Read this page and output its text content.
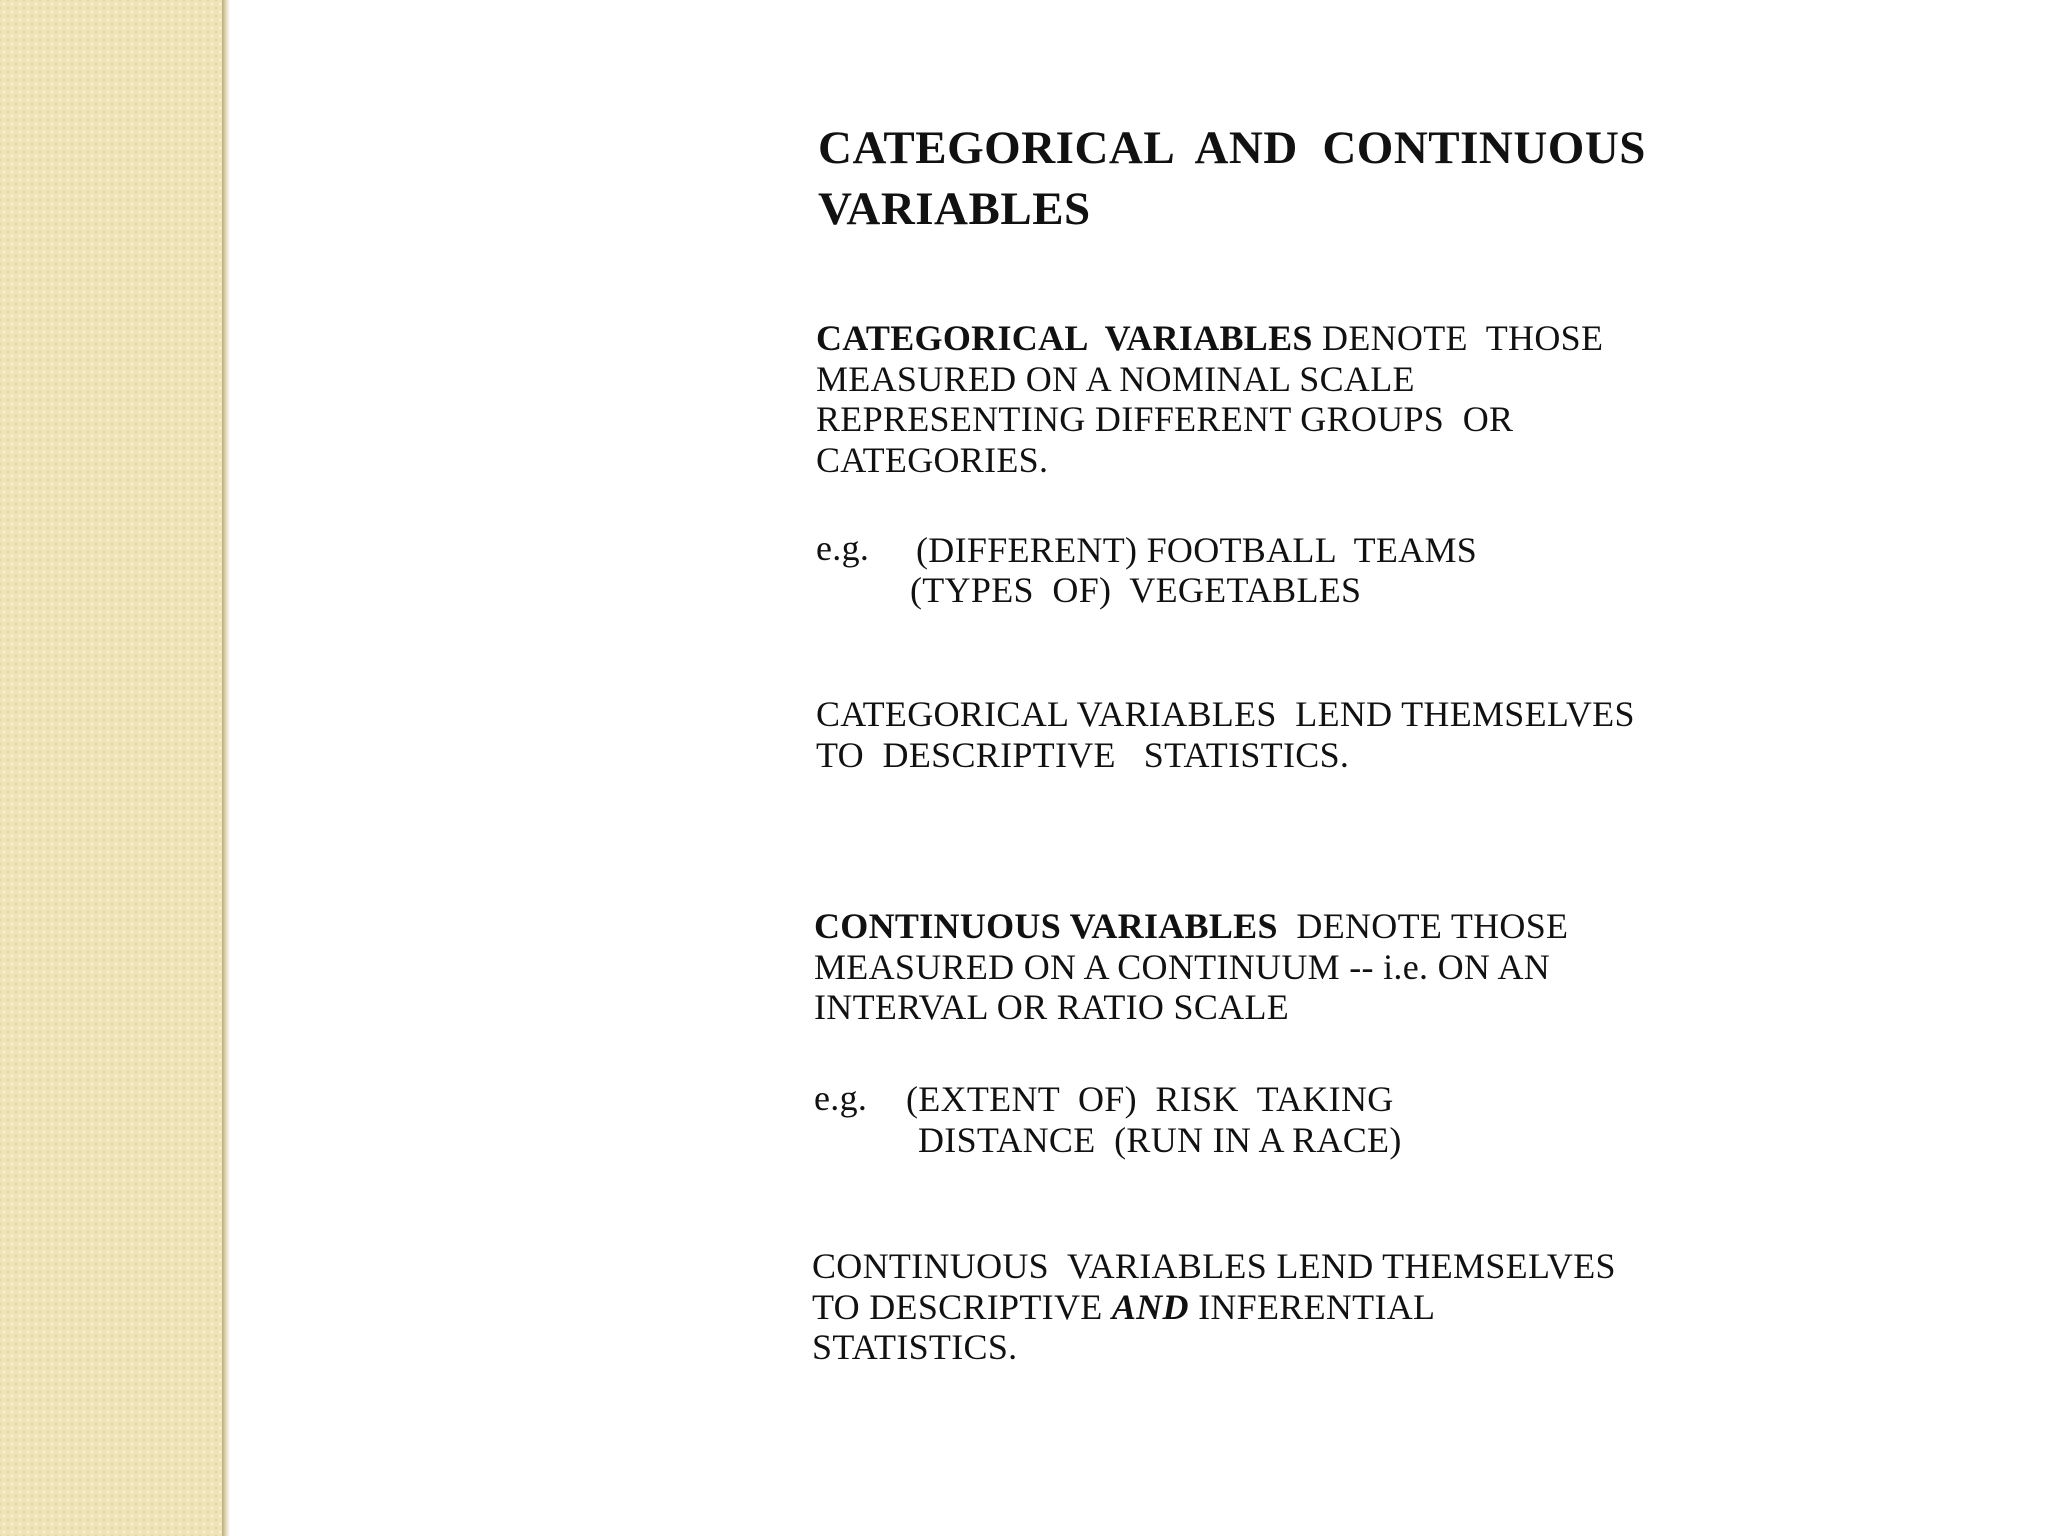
CATEGORICAL  AND  CONTINUOUS
VARIABLES
CATEGORICAL  VARIABLES DENOTE  THOSE
MEASURED ON A NOMINAL SCALE
REPRESENTING DIFFERENT GROUPS  OR
CATEGORIES.
e.g. (DIFFERENT) FOOTBALL  TEAMS
(TYPES  OF)  VEGETABLES
CATEGORICAL VARIABLES  LEND THEMSELVES
TO  DESCRIPTIVE   STATISTICS.
CONTINUOUS VARIABLES  DENOTE THOSE
MEASURED ON A CONTINUUM -- i.e. ON AN
INTERVAL OR RATIO SCALE
e.g. (EXTENT  OF)  RISK  TAKING
DISTANCE  (RUN IN A RACE)
CONTINUOUS  VARIABLES LEND THEMSELVES
TO DESCRIPTIVE AND INFERENTIAL
STATISTICS.
